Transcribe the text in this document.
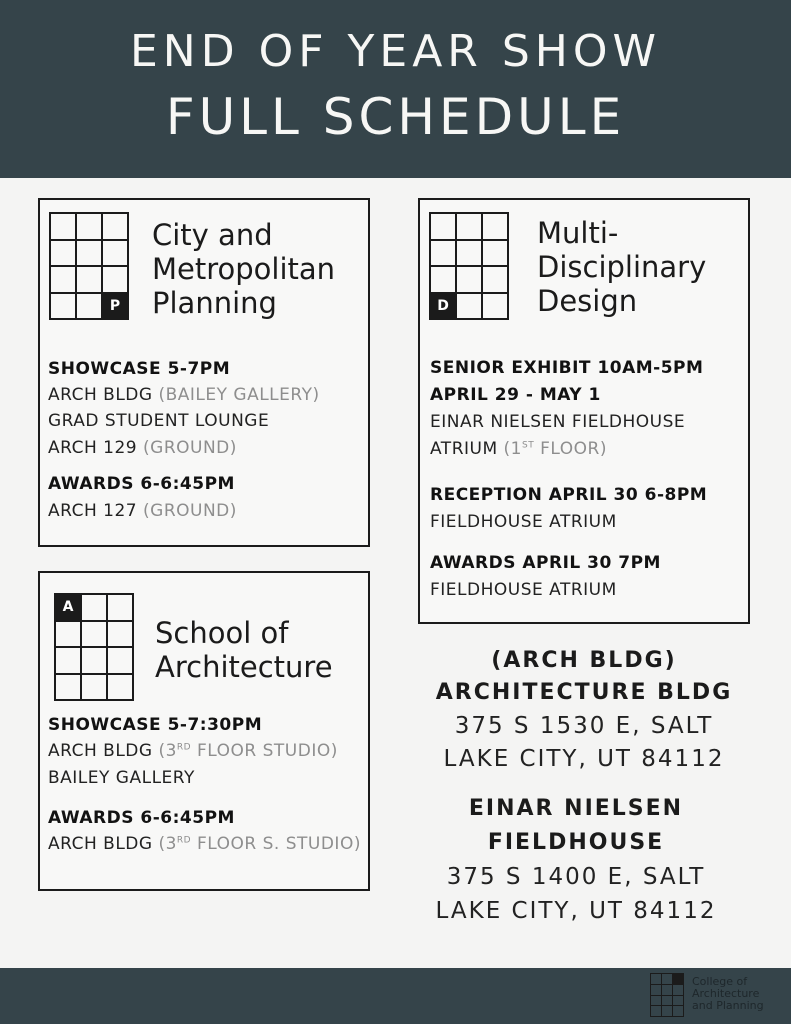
END OF YEAR SHOW
FULL SCHEDULE
P
City and
Metropolitan
Planning
SHOWCASE 5-7PM
ARCH BLDG (BAILEY GALLERY)
GRAD STUDENT LOUNGE
ARCH 129 (GROUND)
AWARDS 6-6:45PM
ARCH 127 (GROUND)
D
Multi-
Disciplinary
Design
SENIOR EXHIBIT 10AM-5PM
APRIL 29 - MAY 1
EINAR NIELSEN FIELDHOUSE
ATRIUM (1ST FLOOR)
RECEPTION APRIL 30 6-8PM
FIELDHOUSE ATRIUM
AWARDS APRIL 30 7PM
FIELDHOUSE ATRIUM
A
School of
Architecture
SHOWCASE 5-7:30PM
ARCH BLDG (3RD FLOOR STUDIO)
BAILEY GALLERY
AWARDS 6-6:45PM
ARCH BLDG (3RD FLOOR S. STUDIO)
(ARCH BLDG)
ARCHITECTURE BLDG
375 S 1530 E, SALT
LAKE CITY, UT 84112
EINAR NIELSEN
FIELDHOUSE
375 S 1400 E, SALT
LAKE CITY, UT 84112
College of
Architecture
and Planning
